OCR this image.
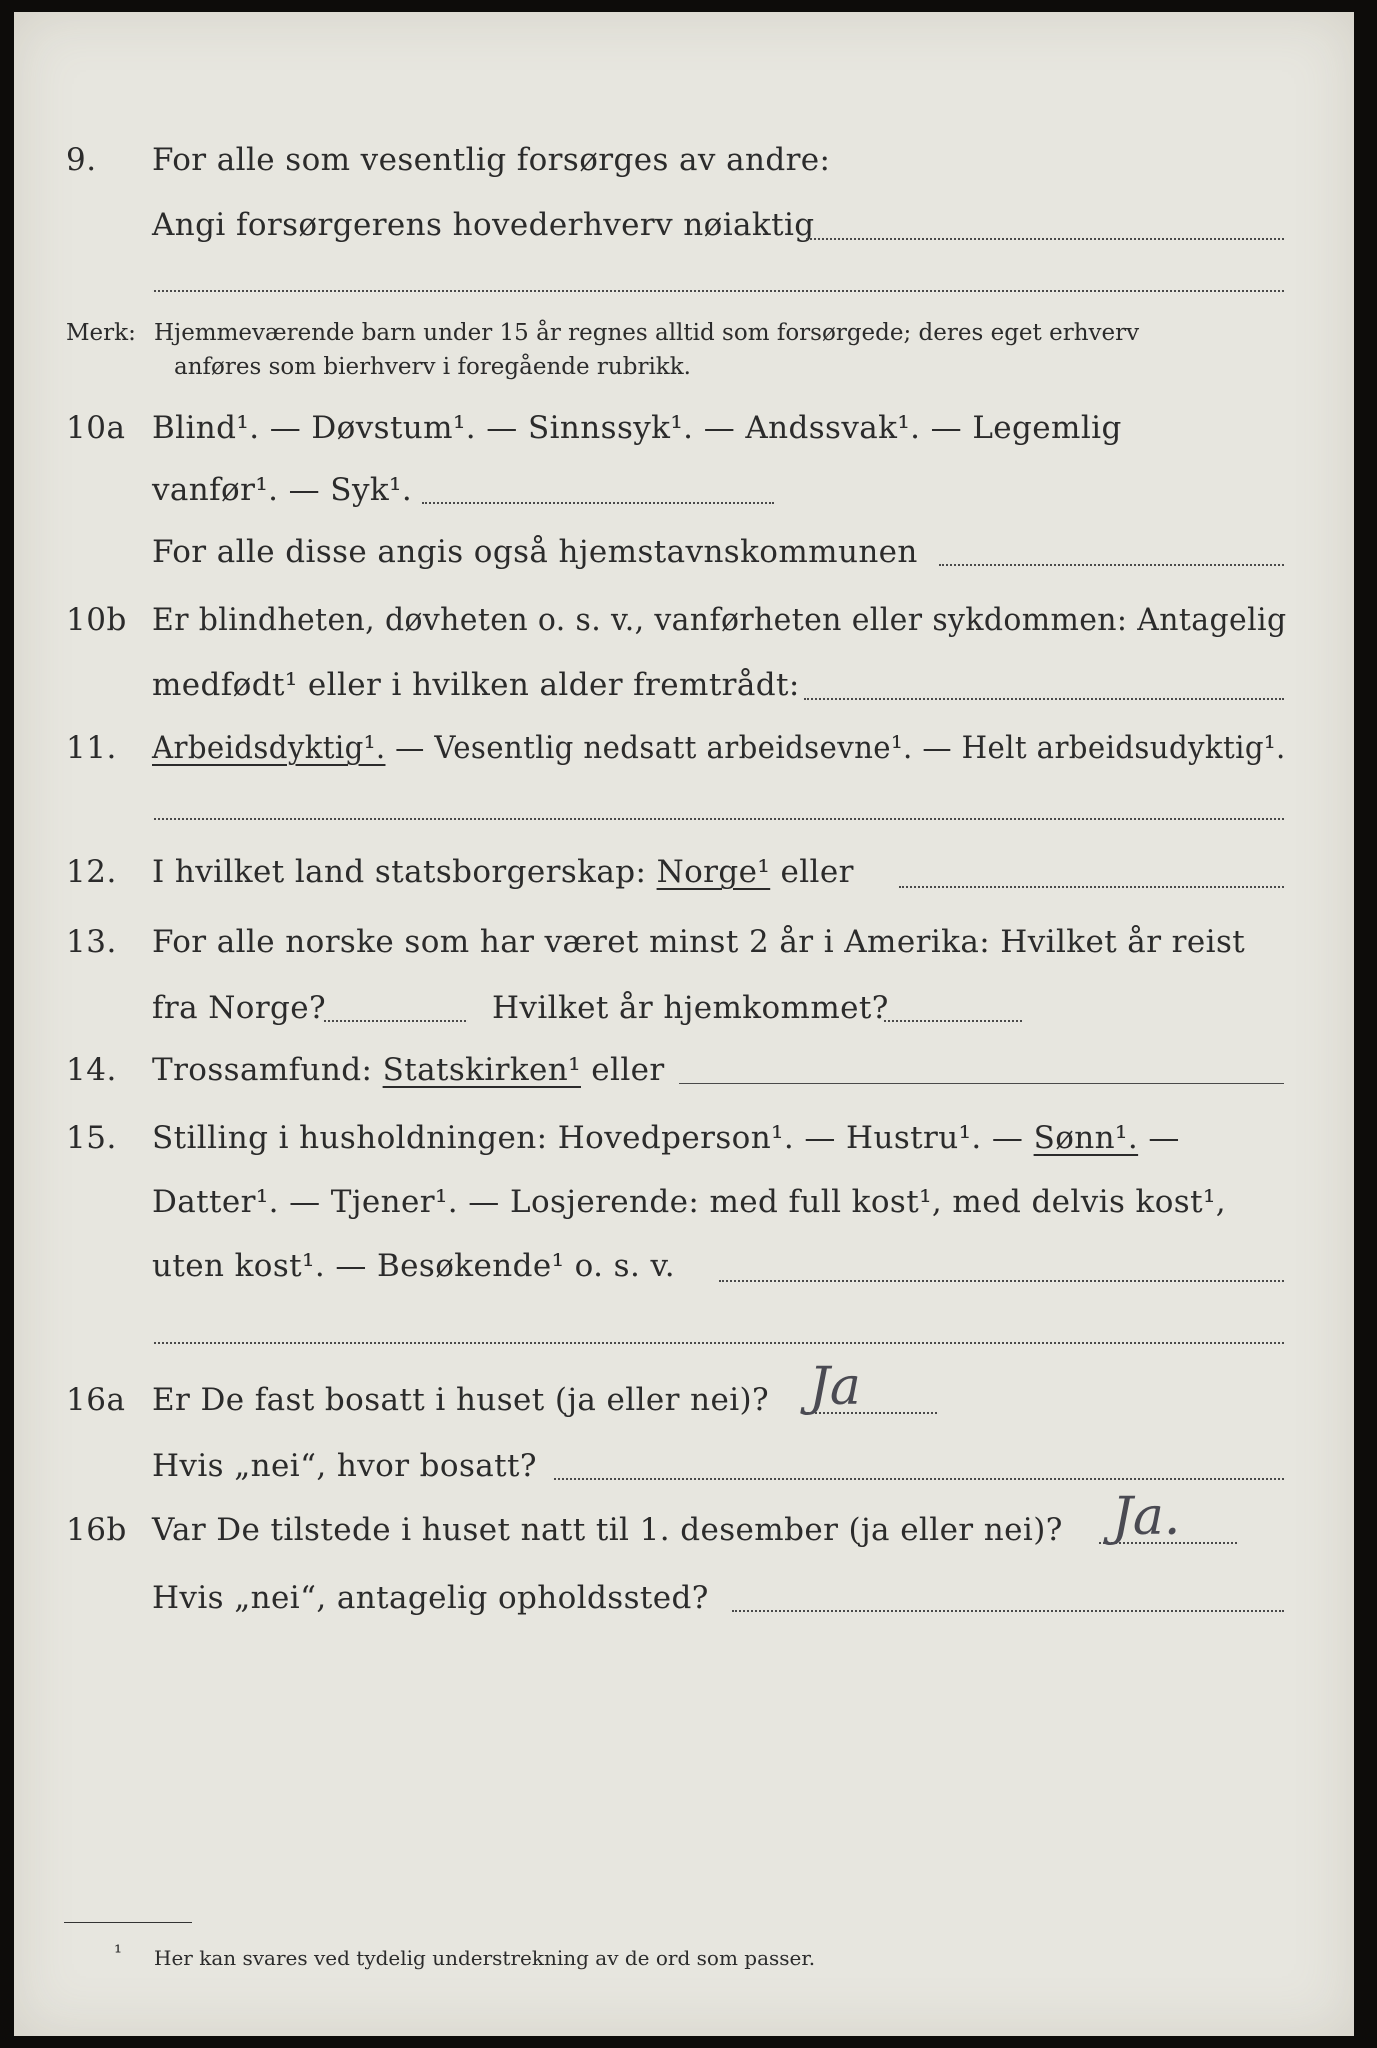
9. For alle som vesentlig forsørges av andre:
Angi forsørgerens hovederhverv nøiaktig
Merk: Hjemmeværende barn under 15 år regnes alltid som forsørgede; deres eget erhverv
anføres som bierhverv i foregående rubrikk.
10a Blind¹. — Døvstum¹. — Sinnssyk¹. — Andssvak¹. — Legemlig
vanfør¹. — Syk¹.
For alle disse angis også hjemstavnskommunen
10b Er blindheten, døvheten o. s. v., vanførheten eller sykdommen: Antagelig
medfødt¹ eller i hvilken alder fremtrådt:
11. Arbeidsdyktig¹. — Vesentlig nedsatt arbeidsevne¹. — Helt arbeidsudyktig¹.
12. I hvilket land statsborgerskap: Norge¹ eller
13. For alle norske som har været minst 2 år i Amerika: Hvilket år reist
fra Norge?	Hvilket år hjemkommet?
14. Trossamfund: Statskirken¹ eller
15. Stilling i husholdningen: Hovedperson¹. — Hustru¹. — Sønn¹. —
Datter¹. — Tjener¹. — Losjerende: med full kost¹, med delvis kost¹,
uten kost¹. — Besøkende¹ o. s. v.
16a Er De fast bosatt i huset (ja eller nei)? Ja
Hvis „nei“, hvor bosatt?
16b Var De tilstede i huset natt til 1. desember (ja eller nei)? Ja.
Hvis „nei“, antagelig opholdssted?
¹ Her kan svares ved tydelig understrekning av de ord som passer.
